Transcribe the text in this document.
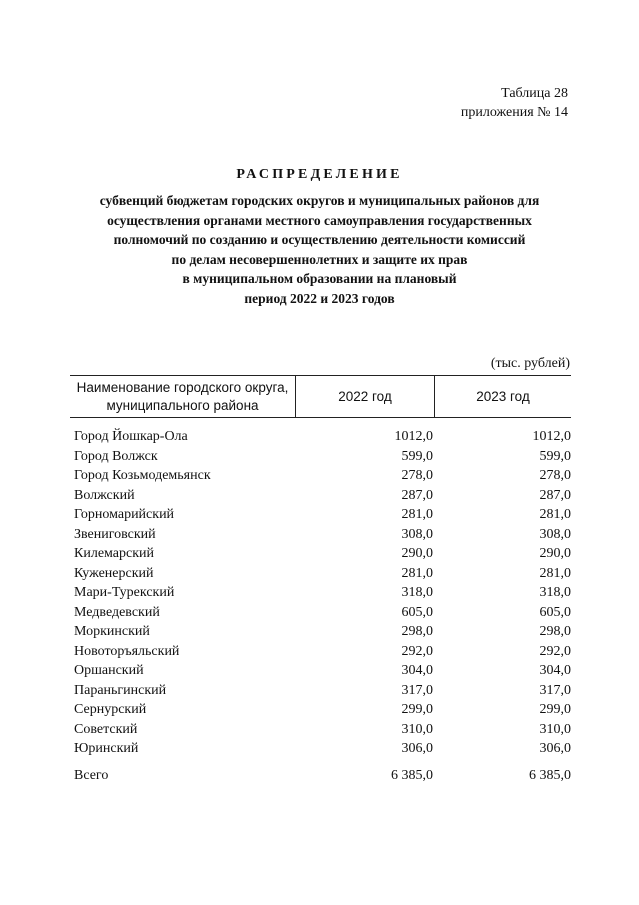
Таблица 28
приложения № 14
РАСПРЕДЕЛЕНИЕ
субвенций бюджетам городских округов и муниципальных районов для
осуществления органами местного самоуправления государственных
полномочий по созданию и осуществлению деятельности комиссий
по делам несовершеннолетних и защите их прав
в муниципальном образовании на плановый
период 2022 и 2023 годов
(тыс. рублей)
Наименование городского округа,
муниципального района
2022 год	2023 год
Город Йошкар-Ола	1012,0	1012,0
Город Волжск	599,0	599,0
Город Козьмодемьянск	278,0	278,0
Волжский	287,0	287,0
Горномарийский	281,0	281,0
Звениговский	308,0	308,0
Килемарский	290,0	290,0
Куженерский	281,0	281,0
Мари-Турекский	318,0	318,0
Медведевский	605,0	605,0
Моркинский	298,0	298,0
Новоторъяльский	292,0	292,0
Оршанский	304,0	304,0
Параньгинский	317,0	317,0
Сернурский	299,0	299,0
Советский	310,0	310,0
Юринский	306,0	306,0
Всего	6 385,0	6 385,0
